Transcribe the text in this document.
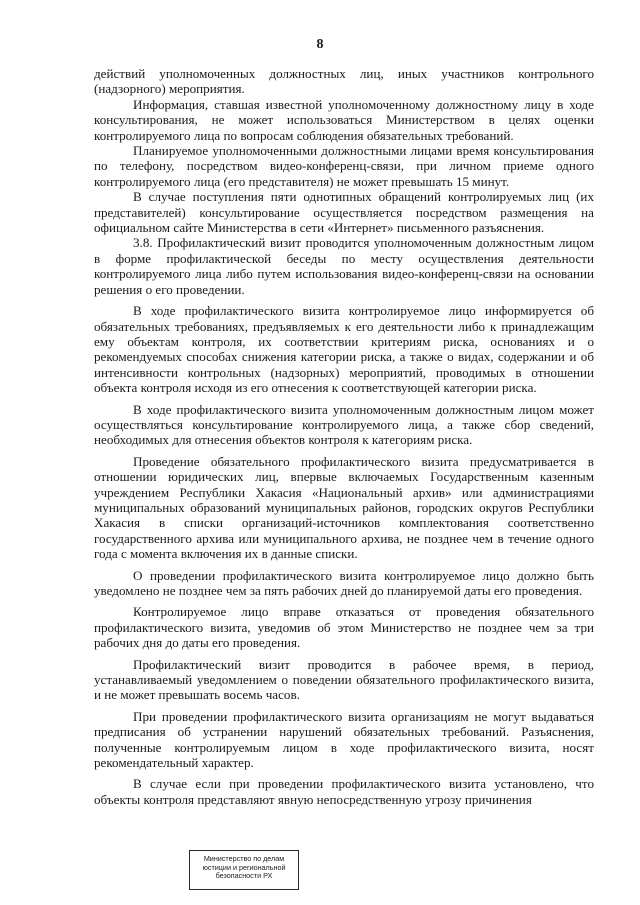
8

действий уполномоченных должностных лиц, иных участников контрольного (надзорного) мероприятия.

Информация, ставшая известной уполномоченному должностному лицу в ходе консультирования, не может использоваться Министерством в целях оценки контролируемого лица по вопросам соблюдения обязательных требований.

Планируемое уполномоченными должностными лицами время консультирования по телефону, посредством видео-конференц-связи, при личном приеме одного контролируемого лица (его представителя) не может превышать 15 минут.

В случае поступления пяти однотипных обращений контролируемых лиц (их представителей) консультирование осуществляется посредством размещения на официальном сайте Министерства в сети «Интернет» письменного разъяснения.

3.8. Профилактический визит проводится уполномоченным должностным лицом в форме профилактической беседы по месту осуществления деятельности контролируемого лица либо путем использования видео-конференц-связи на основании решения о его проведении.

В ходе профилактического визита контролируемое лицо информируется об обязательных требованиях, предъявляемых к его деятельности либо к принадлежащим ему объектам контроля, их соответствии критериям риска, основаниях и о рекомендуемых способах снижения категории риска, а также о видах, содержании и об интенсивности контрольных (надзорных) мероприятий, проводимых в отношении объекта контроля исходя из его отнесения к соответствующей категории риска.

В ходе профилактического визита уполномоченным должностным лицом может осуществляться консультирование контролируемого лица, а также сбор сведений, необходимых для отнесения объектов контроля к категориям риска.

Проведение обязательного профилактического визита предусматривается в отношении юридических лиц, впервые включаемых Государственным казенным учреждением Республики Хакасия «Национальный архив» или администрациями муниципальных образований муниципальных районов, городских округов Республики Хакасия в списки организаций-источников комплектования соответственно государственного архива или муниципального архива, не позднее чем в течение одного года с момента включения их в данные списки.

О проведении профилактического визита контролируемое лицо должно быть уведомлено не позднее чем за пять рабочих дней до планируемой даты его проведения.

Контролируемое лицо вправе отказаться от проведения обязательного профилактического визита, уведомив об этом Министерство не позднее чем за три рабочих дня до даты его проведения.

Профилактический визит проводится в рабочее время, в период, устанавливаемый уведомлением о поведении обязательного профилактического визита, и не может превышать восемь часов.

При проведении профилактического визита организациям не могут выдаваться предписания об устранении нарушений обязательных требований. Разъяснения, полученные контролируемым лицом в ходе профилактического визита, носят рекомендательный характер.

В случае если при проведении профилактического визита установлено, что объекты контроля представляют явную непосредственную угрозу причинения

Министерство по делам
юстиции и региональной
безопасности РХ
